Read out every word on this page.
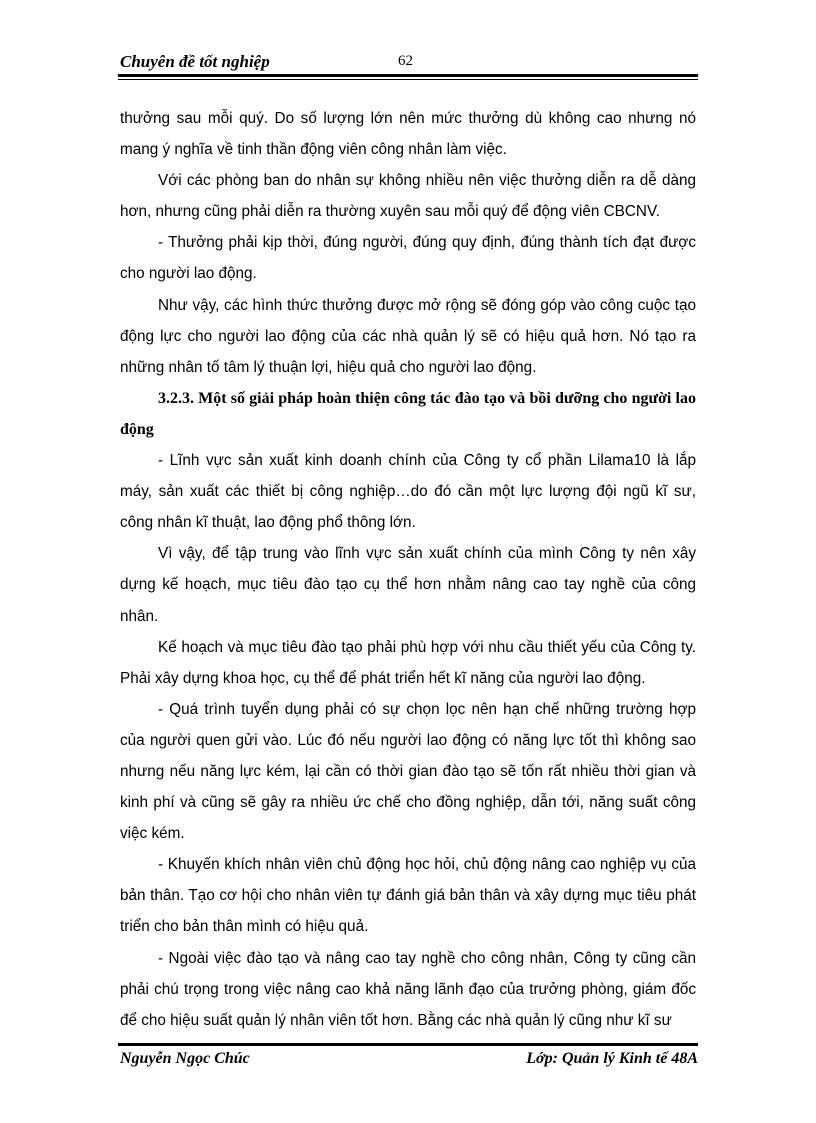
Chuyên đề tốt nghiệp	62

thưởng sau mỗi quý. Do số lượng lớn nên mức thưởng dù không cao nhưng nó mang ý nghĩa về tinh thần động viên công nhân làm việc.

Với các phòng ban do nhân sự không nhiều nên việc thưởng diễn ra dễ dàng hơn, nhưng cũng phải diễn ra thường xuyên sau mỗi quý để động viên CBCNV.

- Thưởng phải kịp thời, đúng người, đúng quy định, đúng thành tích đạt được cho người lao động.

Như vậy, các hình thức thưởng được mở rộng sẽ đóng góp vào công cuộc tạo động lực cho người lao động của các nhà quản lý sẽ có hiệu quả hơn. Nó tạo ra những nhân tố tâm lý thuận lợi, hiệu quả cho người lao động.

3.2.3. Một số giải pháp hoàn thiện công tác đào tạo và bồi dưỡng cho người lao động

- Lĩnh vực sản xuất kinh doanh chính của Công ty cổ phần Lilama10 là lắp máy, sản xuất các thiết bị công nghiệp…do đó cần một lực lượng đội ngũ kĩ sư, công nhân kĩ thuật, lao động phổ thông lớn.

Vì vậy, để tập trung vào lĩnh vực sản xuất chính của mình Công ty nên xây dựng kế hoạch, mục tiêu đào tạo cụ thể hơn nhằm nâng cao tay nghề của công nhân.

Kế hoạch và mục tiêu đào tạo phải phù hợp với nhu cầu thiết yếu của Công ty. Phải xây dựng khoa học, cụ thể để phát triển hết kĩ năng của người lao động.

- Quá trình tuyển dụng phải có sự chọn lọc nên hạn chế những trường hợp của người quen gửi vào. Lúc đó nếu người lao động có năng lực tốt thì không sao nhưng nếu năng lực kém, lại cần có thời gian đào tạo sẽ tốn rất nhiều thời gian và kinh phí và cũng sẽ gây ra nhiều ức chế cho đồng nghiệp, dẫn tới, năng suất công việc kém.

- Khuyến khích nhân viên chủ động học hỏi, chủ động nâng cao nghiệp vụ của bản thân. Tạo cơ hội cho nhân viên tự đánh giá bản thân và xây dựng mục tiêu phát triển cho bản thân mình có hiệu quả.

- Ngoài việc đào tạo và nâng cao tay nghề cho công nhân, Công ty cũng cần phải chú trọng trong việc nâng cao khả năng lãnh đạo của trưởng phòng, giám đốc để cho hiệu suất quản lý nhân viên tốt hơn. Bằng các nhà quản lý cũng như kĩ sư

Nguyễn Ngọc Chúc	Lớp: Quản lý Kinh tế 48A
